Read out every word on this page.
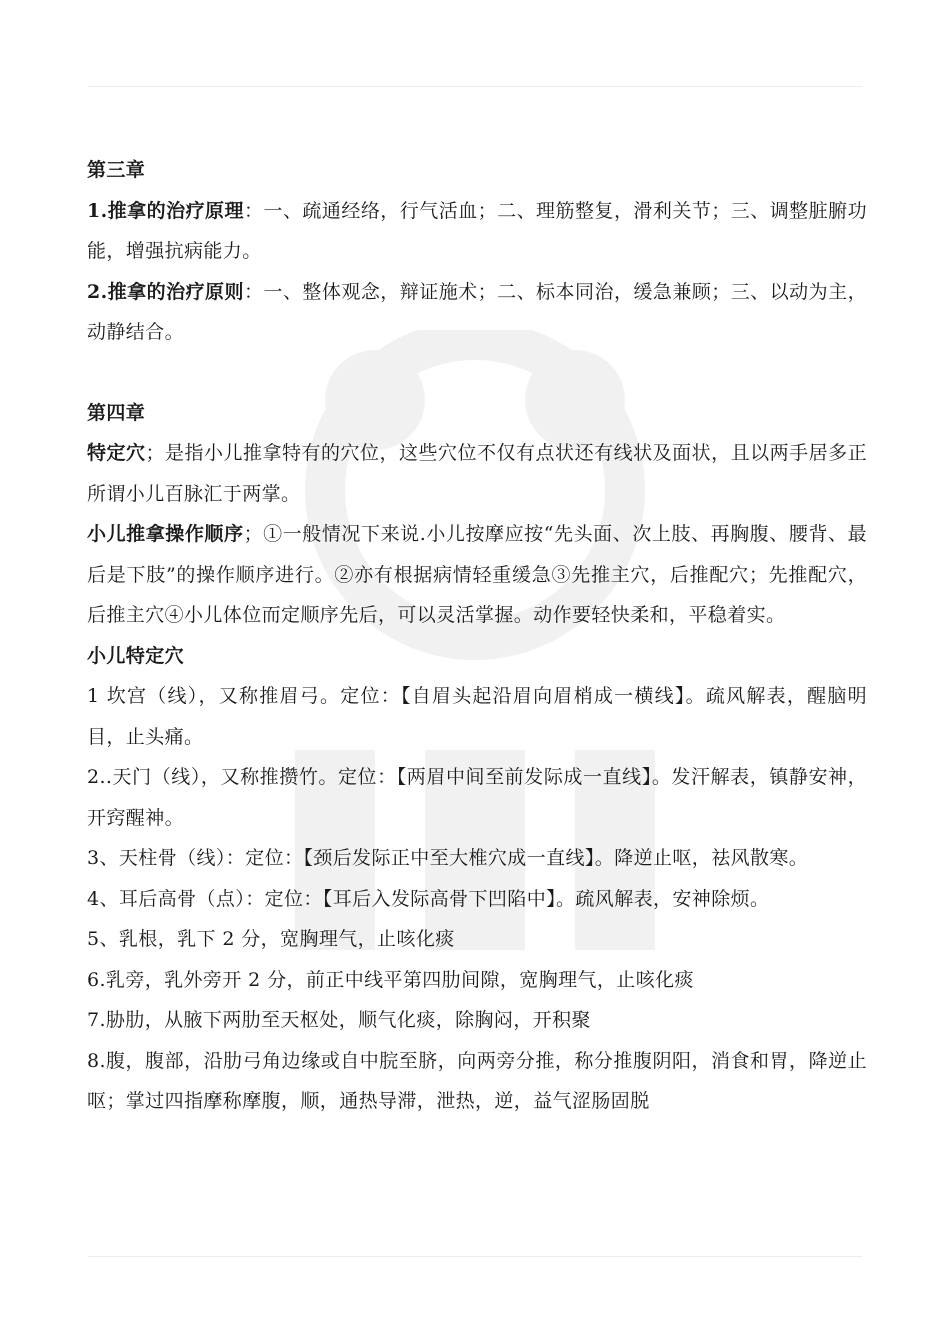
第三章

1.推拿的治疗原理：一、疏通经络，行气活血；二、理筋整复，滑利关节；三、调整脏腑功能，增强抗病能力。

2.推拿的治疗原则：一、整体观念，辩证施术；二、标本同治，缓急兼顾；三、以动为主，动静结合。

第四章

特定穴；是指小儿推拿特有的穴位，这些穴位不仅有点状还有线状及面状，且以两手居多正所谓小儿百脉汇于两掌。

小儿推拿操作顺序；①一般情况下来说.小儿按摩应按“先头面、次上肢、再胸腹、腰背、最后是下肢”的操作顺序进行。②亦有根据病情轻重缓急③先推主穴，后推配穴；先推配穴，后推主穴④小儿体位而定顺序先后，可以灵活掌握。动作要轻快柔和，平稳着实。

小儿特定穴

1 坎宫（线），又称推眉弓。定位：【自眉头起沿眉向眉梢成一横线】。疏风解表，醒脑明目，止头痛。

2..天门（线），又称推攒竹。定位：【两眉中间至前发际成一直线】。发汗解表，镇静安神，开窍醒神。

3、天柱骨（线）：定位：【颈后发际正中至大椎穴成一直线】。降逆止呕，祛风散寒。

4、耳后高骨（点）：定位：【耳后入发际高骨下凹陷中】。疏风解表，安神除烦。

5、乳根，乳下 2 分，宽胸理气，止咳化痰

6.乳旁，乳外旁开 2 分，前正中线平第四肋间隙，宽胸理气，止咳化痰

7.胁肋，从腋下两肋至天枢处，顺气化痰，除胸闷，开积聚

8.腹，腹部，沿肋弓角边缘或自中脘至脐，向两旁分推，称分推腹阴阳，消食和胃，降逆止呕；掌过四指摩称摩腹，顺，通热导滞，泄热，逆，益气涩肠固脱
